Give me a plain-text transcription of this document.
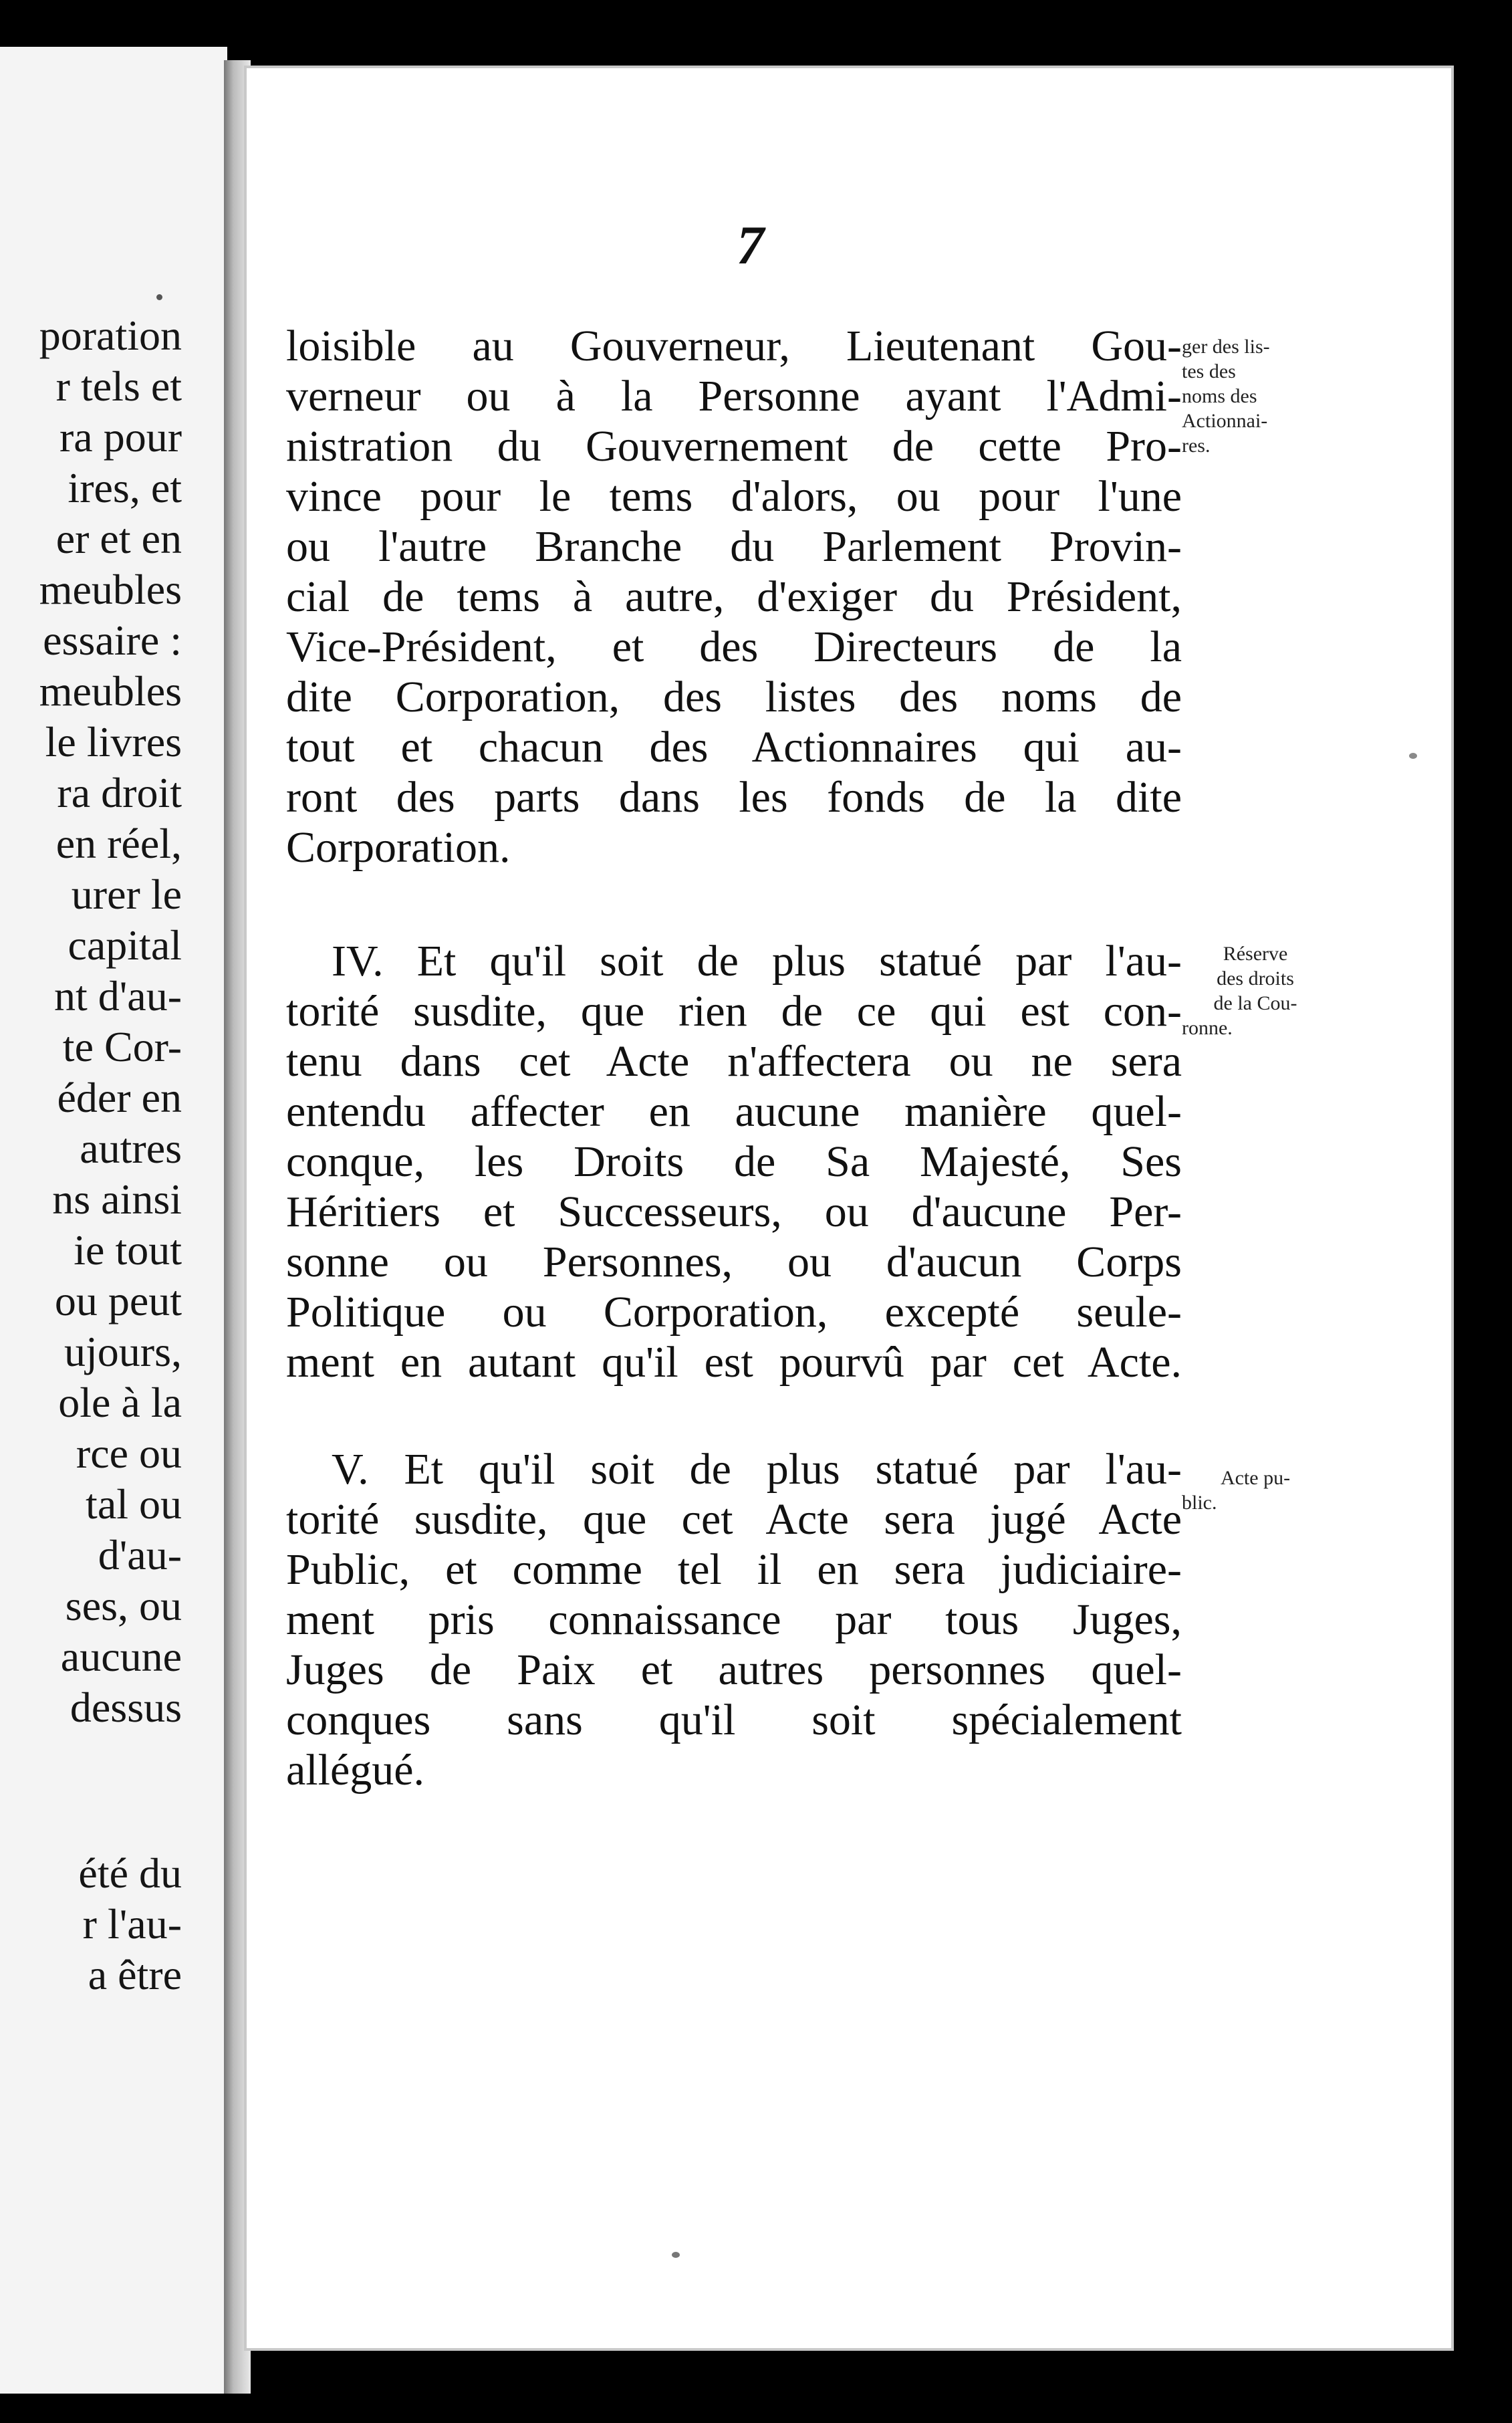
poration
r tels et
ra pour
ires, et
er et en
meubles
essaire :
meubles
le livres
ra droit
en réel,
urer le
capital
nt d'au-
te Cor-
éder en
autres
ns ainsi
ie tout
ou peut
ujours,
ole à la
rce ou
tal ou
d'au-
ses, ou
aucune
dessus
été du
r l'au-
a être
7
loisible au Gouverneur, Lieutenant Gou-
verneur ou à la Personne ayant l'Admi-
nistration du Gouvernement de cette Pro-
vince pour le tems d'alors, ou pour l'une
ou l'autre Branche du Parlement Provin-
cial de tems à autre, d'exiger du Président,
Vice-Président, et des Directeurs de la
dite Corporation, des listes des noms de
tout et chacun des Actionnaires qui au-
ront des parts dans les fonds de la dite
Corporation.
IV. Et qu'il soit de plus statué par l'au-
torité susdite, que rien de ce qui est con-
tenu dans cet Acte n'affectera ou ne sera
entendu affecter en aucune manière quel-
conque, les Droits de Sa Majesté, Ses
Héritiers et Successeurs, ou d'aucune Per-
sonne ou Personnes, ou d'aucun Corps
Politique ou Corporation, excepté seule-
ment en autant qu'il est pourvû par cet Acte.
V. Et qu'il soit de plus statué par l'au-
torité susdite, que cet Acte sera jugé Acte
Public, et comme tel il en sera judiciaire-
ment pris connaissance par tous Juges,
Juges de Paix et autres personnes quel-
conques sans qu'il soit spécialement
allégué.
ger des lis-
tes des
noms des
Actionnai-
res.
Réserve
des droits
de la Cou-
ronne.
Acte pu-
blic.
